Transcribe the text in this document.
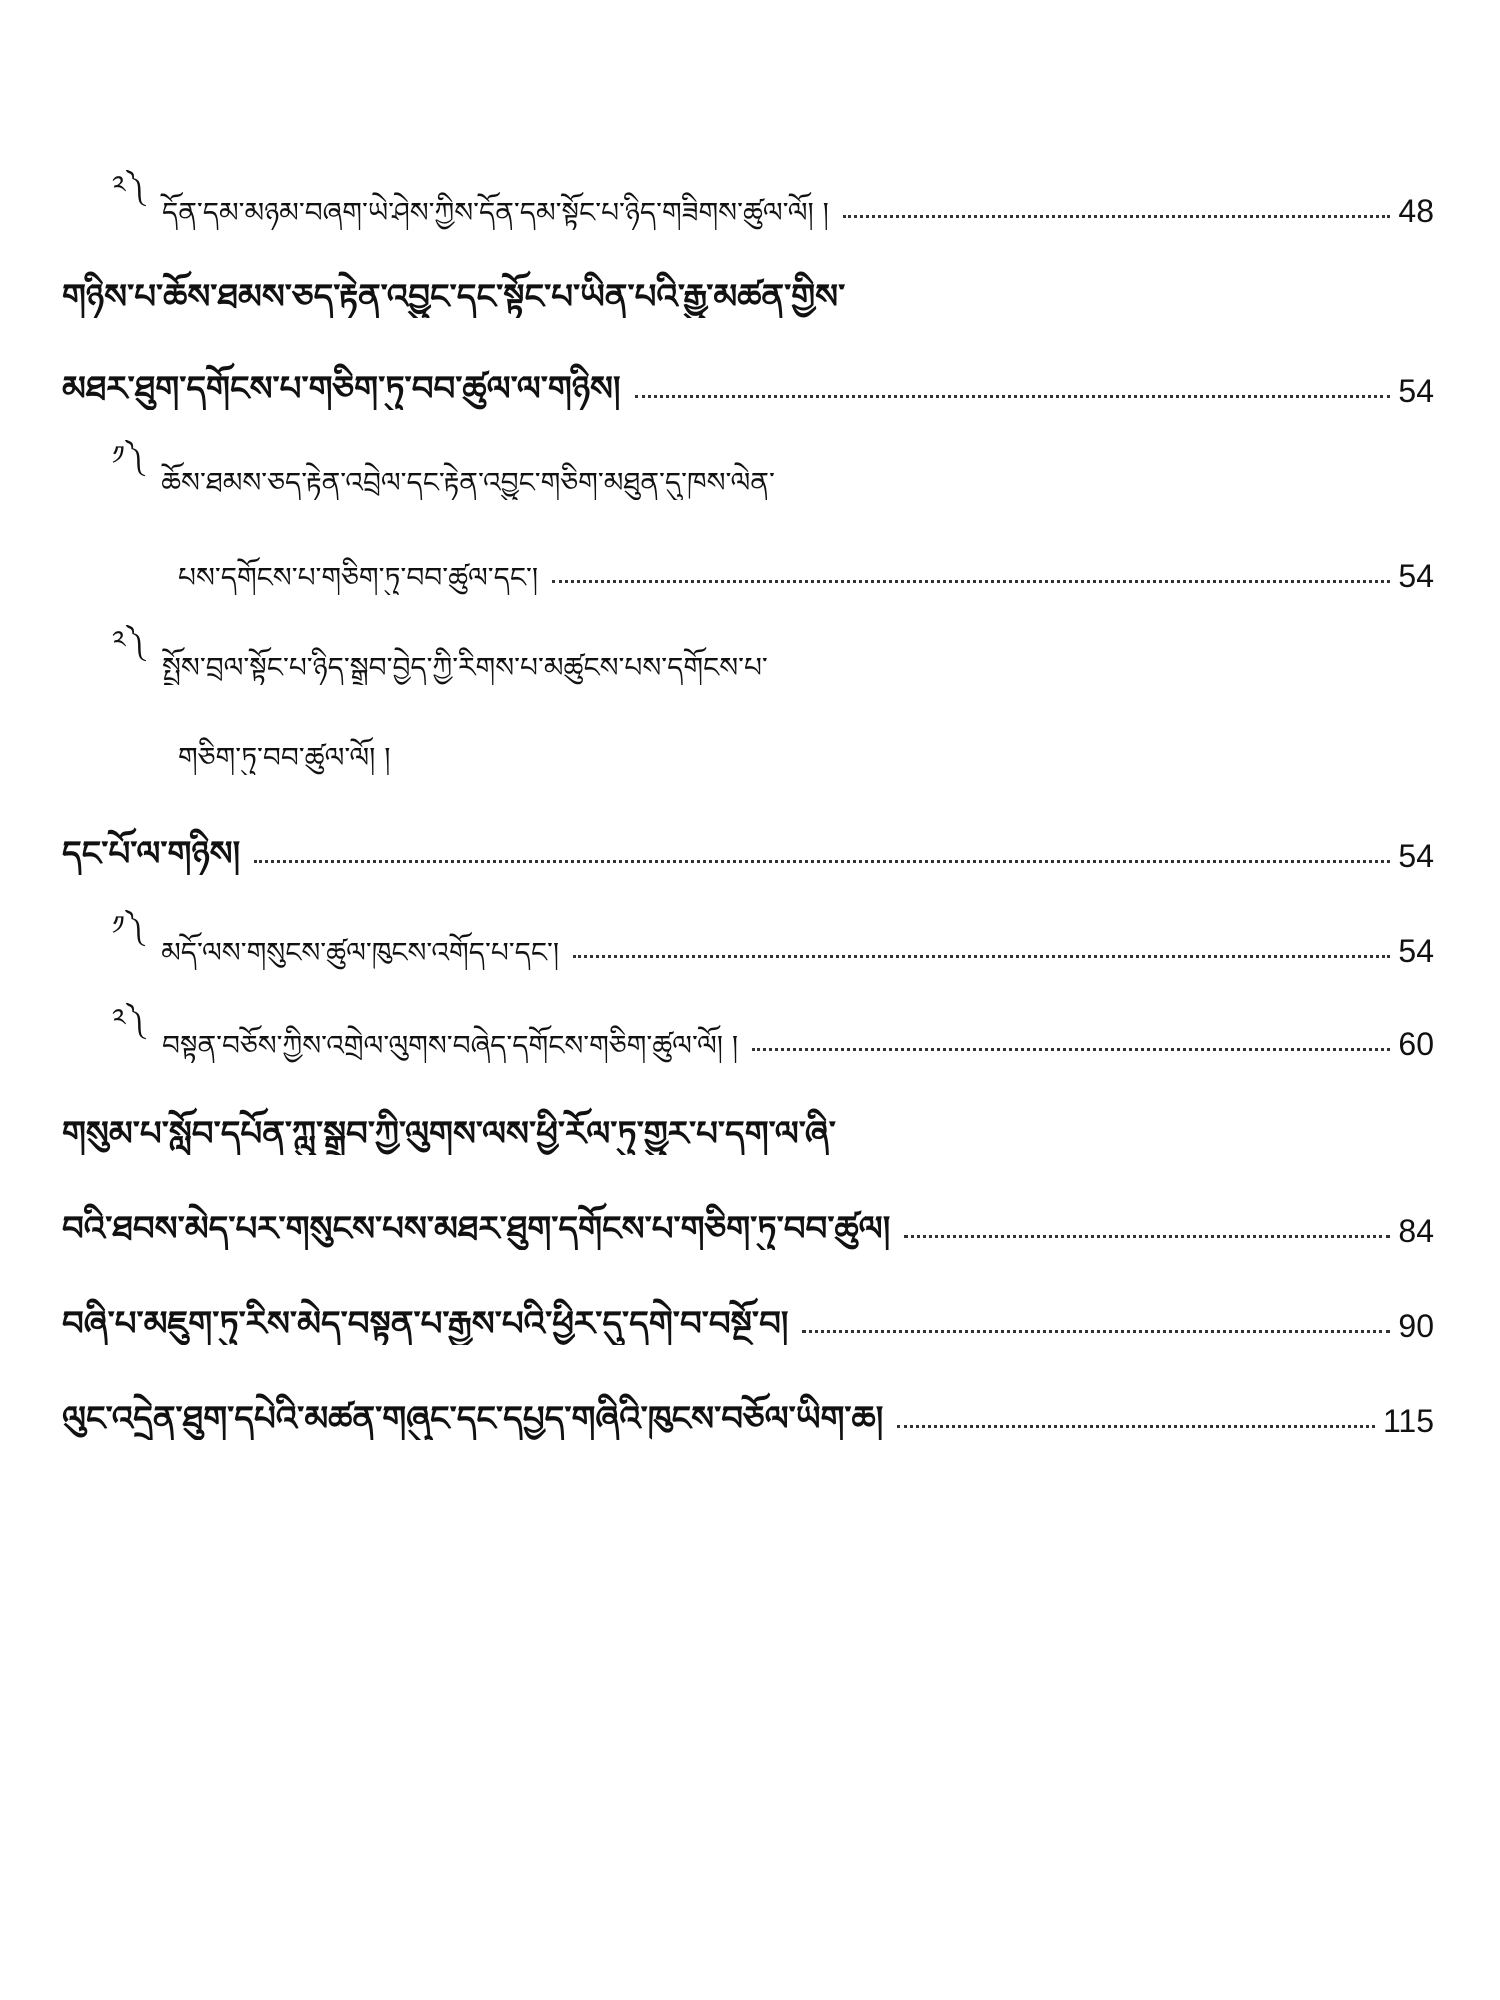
༢༽
དོན་དམ་མཉམ་བཞག་ཡེ་ཤེས་ཀྱིས་དོན་དམ་སྟོང་པ་ཉིད་གཟིགས་ཚུལ་ལོ། །	48
གཉིས་པ་ཆོས་ཐམས་ཅད་རྟེན་འབྱུང་དང་སྟོང་པ་ཡིན་པའི་རྒྱུ་མཚན་གྱིས་
མཐར་ཐུག་དགོངས་པ་གཅིག་ཏུ་བབ་ཚུལ་ལ་གཉིས།	54
༡༽
ཆོས་ཐམས་ཅད་རྟེན་འབྲེལ་དང་རྟེན་འབྱུང་གཅིག་མཐུན་དུ་ཁས་ལེན་
པས་དགོངས་པ་གཅིག་ཏུ་བབ་ཚུལ་དང་།	54
༢༽
སྤྲོས་བྲལ་སྟོང་པ་ཉིད་སྒྲུབ་བྱེད་ཀྱི་རིགས་པ་མཚུངས་པས་དགོངས་པ་
གཅིག་ཏུ་བབ་ཚུལ་ལོ། །
དང་པོ་ལ་གཉིས།	54
༡༽
མདོ་ལས་གསུངས་ཚུལ་ཁུངས་འགོད་པ་དང་།	54
༢༽
བསྟན་བཅོས་ཀྱིས་འགྲེལ་ལུགས་བཞེད་དགོངས་གཅིག་ཚུལ་ལོ། །	60
གསུམ་པ་སློབ་དཔོན་ཀླུ་སྒྲུབ་ཀྱི་ལུགས་ལས་ཕྱི་རོལ་ཏུ་གྱུར་པ་དག་ལ་ཞི་
བའི་ཐབས་མེད་པར་གསུངས་པས་མཐར་ཐུག་དགོངས་པ་གཅིག་ཏུ་བབ་ཚུལ།	84
བཞི་པ་མཇུག་ཏུ་རིས་མེད་བསྟན་པ་རྒྱས་པའི་ཕྱིར་དུ་དགེ་བ་བསྔོ་བ།	90
ལུང་འདྲེན་ཐུག་དཔེའི་མཚན་གཞུང་དང་དཔྱད་གཞིའི་ཁུངས་བཅོལ་ཡིག་ཆ།	115
